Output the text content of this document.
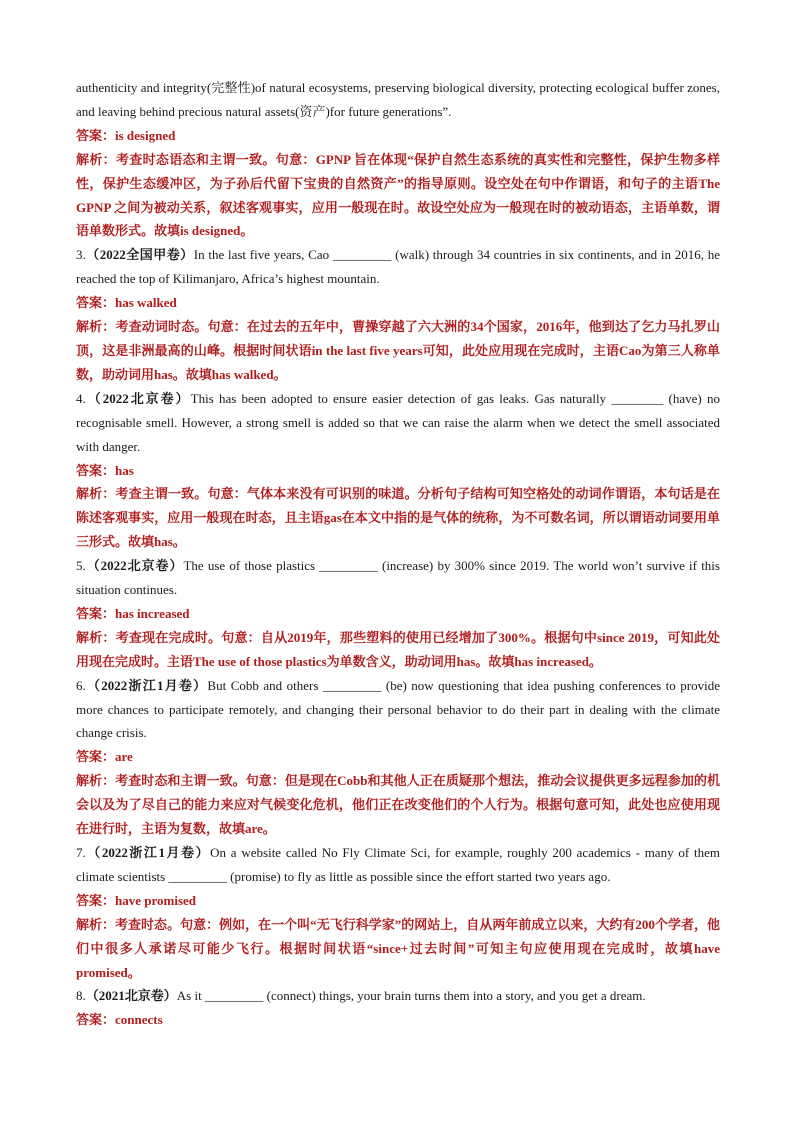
authenticity and integrity(完整性)of natural ecosystems, preserving biological diversity, protecting ecological buffer zones, and leaving behind precious natural assets(资产)for future generations”.

答案：is designed

解析：考查时态语态和主谓一致。句意：GPNP 旨在体现“保护自然生态系统的真实性和完整性，保护生物多样性，保护生态缓冲区，为子孙后代留下宝贵的自然资产”的指导原则。设空处在句中作谓语，和句子的主语The GPNP 之间为被动关系，叙述客观事实，应用一般现在时。故设空处应为一般现在时的被动语态，主语单数，谓语单数形式。故填is designed。

3.（2022全国甲卷）In the last five years, Cao _________ (walk) through 34 countries in six continents, and in 2016, he reached the top of Kilimanjaro, Africa’s highest mountain.

答案：has walked

解析：考查动词时态。句意：在过去的五年中，曹操穿越了六大洲的34个国家，2016年，他到达了乞力马扎罗山顶，这是非洲最高的山峰。根据时间状语in the last five years可知，此处应用现在完成时，主语Cao为第三人称单数，助动词用has。故填has walked。

4.（2022北京卷）This has been adopted to ensure easier detection of gas leaks. Gas naturally ________ (have) no recognisable smell. However, a strong smell is added so that we can raise the alarm when we detect the smell associated with danger.

答案：has

解析：考查主谓一致。句意：气体本来没有可识别的味道。分析句子结构可知空格处的动词作谓语，本句话是在陈述客观事实，应用一般现在时态，且主语gas在本文中指的是气体的统称，为不可数名词，所以谓语动词要用单三形式。故填has。

5.（2022北京卷）The use of those plastics _________ (increase) by 300% since 2019. The world won’t survive if this situation continues.

答案：has increased

解析：考查现在完成时。句意：自从2019年，那些塑料的使用已经增加了300%。根据句中since 2019，可知此处用现在完成时。主语The use of those plastics为单数含义，助动词用has。故填has increased。

6.（2022浙江1月卷）But Cobb and others _________ (be) now questioning that idea pushing conferences to provide more chances to participate remotely, and changing their personal behavior to do their part in dealing with the climate change crisis.

答案：are

解析：考查时态和主谓一致。句意：但是现在Cobb和其他人正在质疑那个想法，推动会议提供更多远程参加的机会以及为了尽自己的能力来应对气候变化危机，他们正在改变他们的个人行为。根据句意可知，此处也应使用现在进行时，主语为复数，故填are。

7.（2022浙江1月卷）On a website called No Fly Climate Sci, for example, roughly 200 academics - many of them climate scientists _________ (promise) to fly as little as possible since the effort started two years ago.

答案：have promised

解析：考查时态。句意：例如，在一个叫“无飞行科学家”的网站上，自从两年前成立以来，大约有200个学者，他们中很多人承诺尽可能少飞行。根据时间状语“since+过去时间”可知主句应使用现在完成时，故填have promised。

8.（2021北京卷）As it _________ (connect) things, your brain turns them into a story, and you get a dream.

答案：connects
